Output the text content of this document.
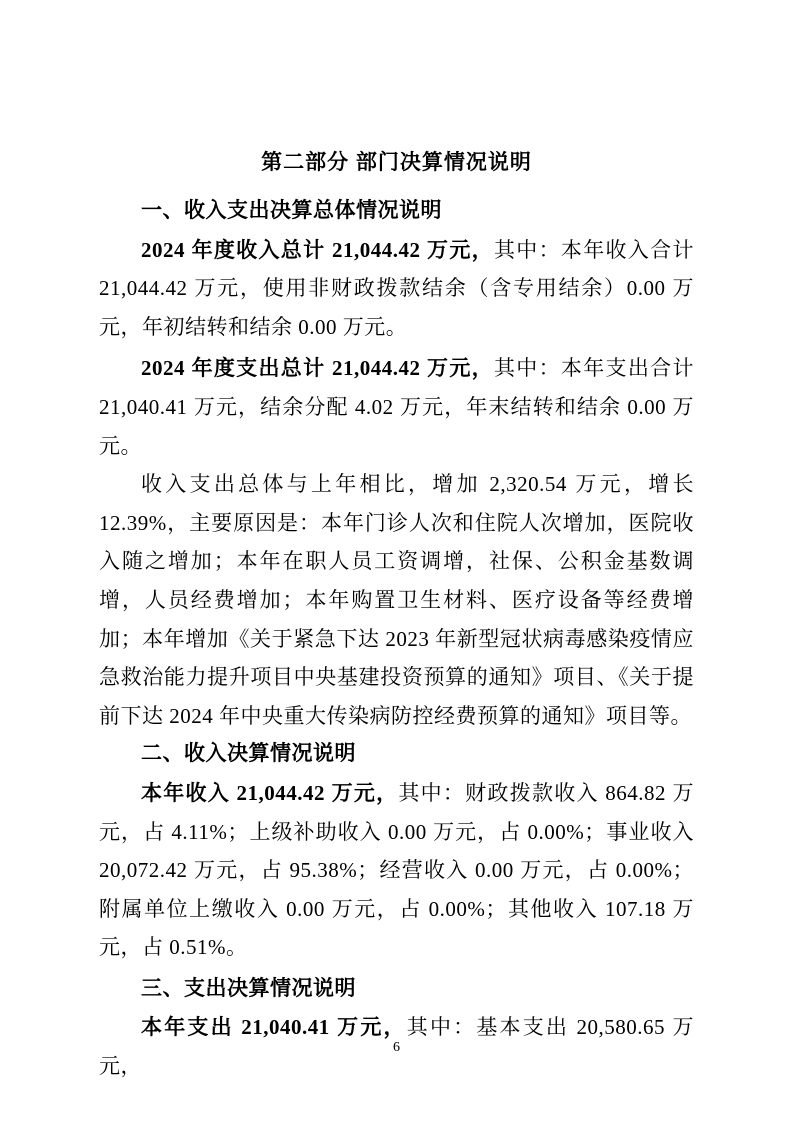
第二部分 部门决算情况说明
一、收入支出决算总体情况说明

2024 年度收入总计 21,044.42 万元，其中：本年收入合计 21,044.42 万元，使用非财政拨款结余（含专用结余）0.00 万元，年初结转和结余 0.00 万元。

2024 年度支出总计 21,044.42 万元，其中：本年支出合计 21,040.41 万元，结余分配 4.02 万元，年末结转和结余 0.00 万元。

收入支出总体与上年相比，增加 2,320.54 万元，增长 12.39%，主要原因是：本年门诊人次和住院人次增加，医院收入随之增加；本年在职人员工资调增，社保、公积金基数调增，人员经费增加；本年购置卫生材料、医疗设备等经费增加；本年增加《关于紧急下达 2023 年新型冠状病毒感染疫情应急救治能力提升项目中央基建投资预算的通知》项目、《关于提前下达 2024 年中央重大传染病防控经费预算的通知》项目等。

二、收入决算情况说明

本年收入 21,044.42 万元，其中：财政拨款收入 864.82 万元，占 4.11%；上级补助收入 0.00 万元，占 0.00%；事业收入 20,072.42 万元，占 95.38%；经营收入 0.00 万元，占 0.00%；附属单位上缴收入 0.00 万元，占 0.00%；其他收入 107.18 万元，占 0.51%。

三、支出决算情况说明

本年支出 21,040.41 万元，其中：基本支出 20,580.65 万元，

6
